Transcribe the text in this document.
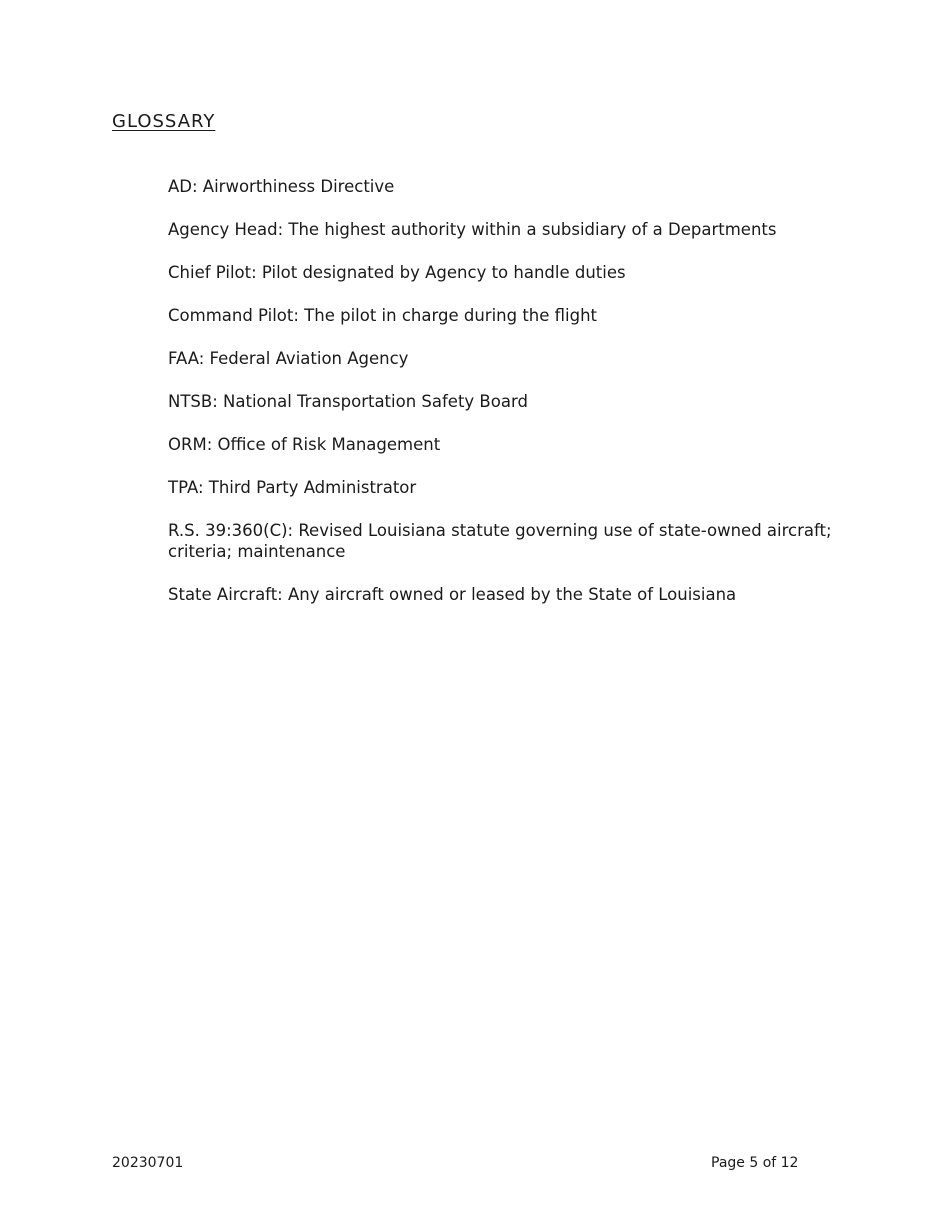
GLOSSARY
AD: Airworthiness Directive
Agency Head: The highest authority within a subsidiary of a Departments
Chief Pilot: Pilot designated by Agency to handle duties
Command Pilot: The pilot in charge during the flight
FAA: Federal Aviation Agency
NTSB: National Transportation Safety Board
ORM: Office of Risk Management
TPA: Third Party Administrator
R.S. 39:360(C): Revised Louisiana statute governing use of state-owned aircraft; criteria; maintenance
State Aircraft: Any aircraft owned or leased by the State of Louisiana
20230701	Page 5 of 12
